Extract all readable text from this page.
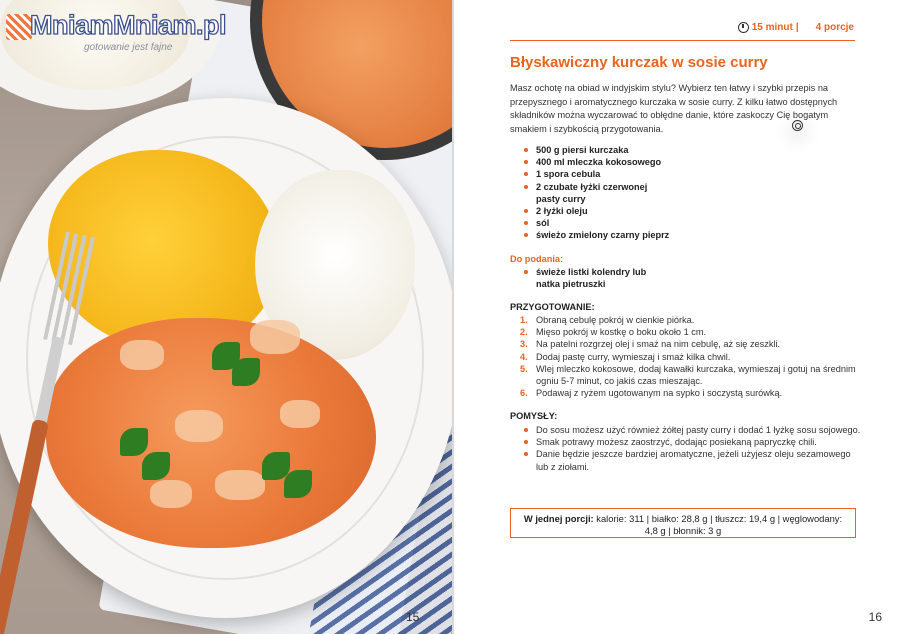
MniamMniam.pl
gotowanie jest fajne
15
15 minut | 4 porcje
Błyskawiczny kurczak w sosie curry
Masz ochotę na obiad w indyjskim stylu? Wybierz ten łatwy i szybki przepis na przepysznego i aromatycznego kurczaka w sosie curry. Z kilku łatwo dostępnych składników można wyczarować to obłędne danie, które zaskoczy Cię bogatym smakiem i szybkością przygotowania.
500 g piersi kurczaka
400 ml mleczka kokosowego
1 spora cebula
2 czubate łyżki czerwonej pasty curry
2 łyżki oleju
sól
świeżo zmielony czarny pieprz
Do podania:
świeże listki kolendry lub natka pietruszki
PRZYGOTOWANIE:
1. Obraną cebulę pokrój w cienkie piórka.
2. Mięso pokrój w kostkę o boku około 1 cm.
3. Na patelni rozgrzej olej i smaż na nim cebulę, aż się zeszkli.
4. Dodaj pastę curry, wymieszaj i smaż kilka chwil.
5. Wlej mleczko kokosowe, dodaj kawałki kurczaka, wymieszaj i gotuj na średnim ogniu 5-7 minut, co jakiś czas mieszając.
6. Podawaj z ryżem ugotowanym na sypko i soczystą surówką.
POMYSŁY:
Do sosu możesz użyć również żółtej pasty curry i dodać 1 łyżkę sosu sojowego.
Smak potrawy możesz zaostrzyć, dodając posiekaną papryczkę chili.
Danie będzie jeszcze bardziej aromatyczne, jeżeli użyjesz oleju sezamowego lub z ziołami.
W jednej porcji: kalorie: 311 | białko: 28,8 g | tłuszcz: 19,4 g | węglowodany: 4,8 g | błonnik: 3 g
16
